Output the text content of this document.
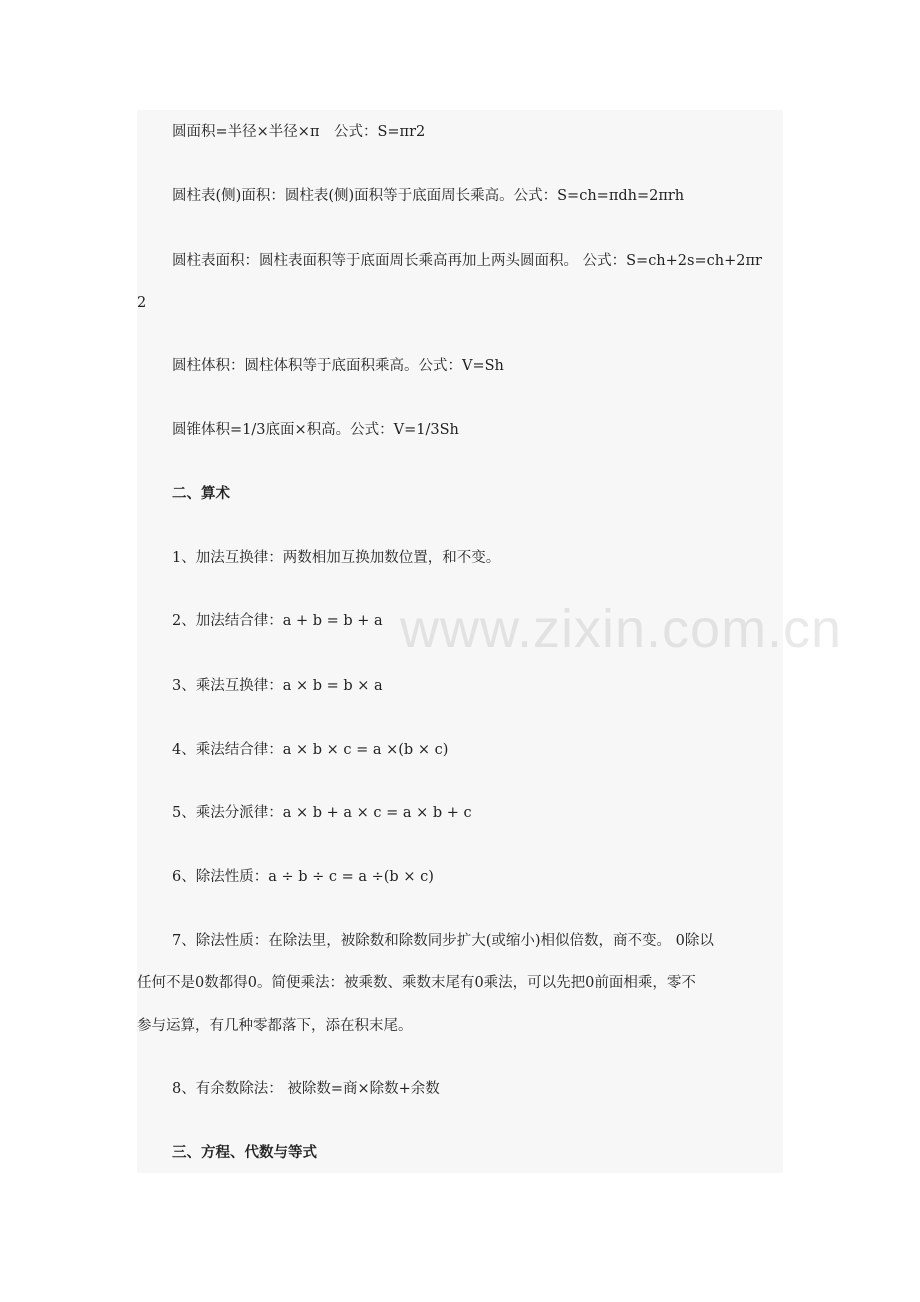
圆面积=半径×半径×π　公式：S=πr2
圆柱表(侧)面积：圆柱表(侧)面积等于底面周长乘高。公式：S=ch=πdh=2πrh
圆柱表面积：圆柱表面积等于底面周长乘高再加上两头圆面积。 公式：S=ch+2s=ch+2πr
2
圆柱体积：圆柱体积等于底面积乘高。公式：V=Sh
圆锥体积=1/3底面×积高。公式：V=1/3Sh
二、算术
1、加法互换律：两数相加互换加数位置，和不变。
2、加法结合律：a + b = b + a
3、乘法互换律：a × b = b × a
4、乘法结合律：a × b × c = a ×(b × c)
5、乘法分派律：a × b + a × c = a × b + c
6、除法性质：a ÷ b ÷ c = a ÷(b × c)
7、除法性质：在除法里，被除数和除数同步扩大(或缩小)相似倍数，商不变。 0除以
任何不是0数都得0。简便乘法：被乘数、乘数末尾有0乘法，可以先把0前面相乘，零不
参与运算，有几种零都落下，添在积末尾。
8、有余数除法： 被除数=商×除数+余数
三、方程、代数与等式
www.zixin.com.cn
